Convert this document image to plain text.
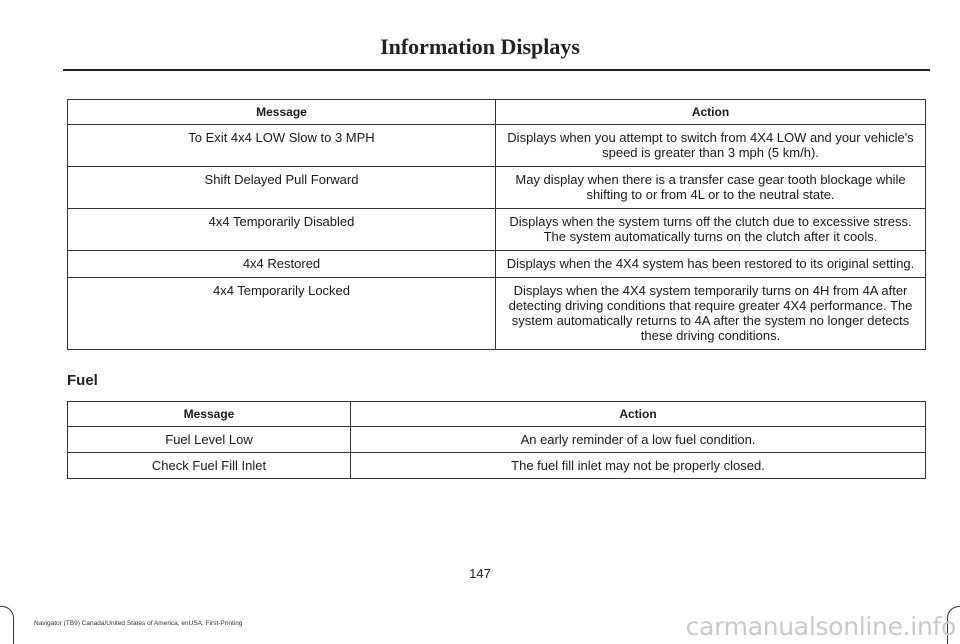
Information Displays
Message	Action
To Exit 4x4 LOW Slow to 3 MPH	Displays when you attempt to switch from 4X4 LOW and your vehicle's speed is greater than 3 mph (5 km/h).
Shift Delayed Pull Forward	May display when there is a transfer case gear tooth blockage while shifting to or from 4L or to the neutral state.
4x4 Temporarily Disabled	Displays when the system turns off the clutch due to excessive stress. The system automatically turns on the clutch after it cools.
4x4 Restored	Displays when the 4X4 system has been restored to its original setting.
4x4 Temporarily Locked	Displays when the 4X4 system temporarily turns on 4H from 4A after detecting driving conditions that require greater 4X4 performance. The system automatically returns to 4A after the system no longer detects these driving conditions.
Fuel
Message	Action
Fuel Level Low	An early reminder of a low fuel condition.
Check Fuel Fill Inlet	The fuel fill inlet may not be properly closed.
147
Navigator (TB9) Canada/United States of America, enUSA, First-Printing	carmanualsonline.info
